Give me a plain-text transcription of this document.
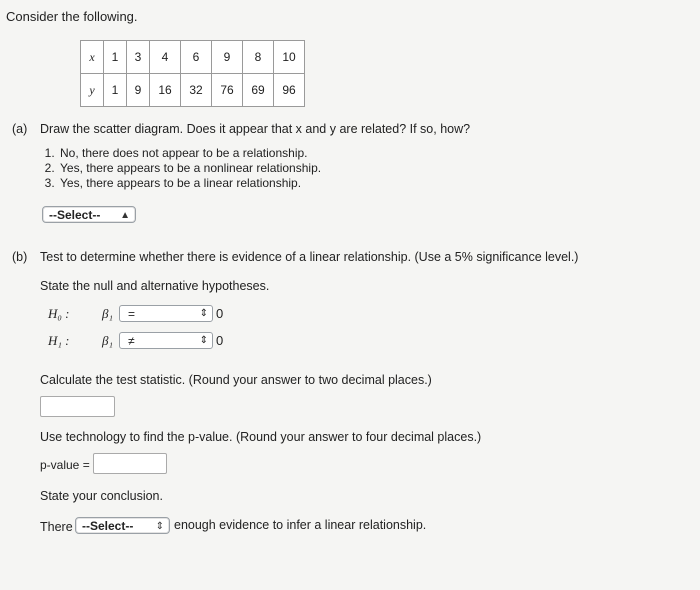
Consider the following.
x	1	3	4	6	9	8	10
y	1	9	16	32	76	69	96
(a) Draw the scatter diagram. Does it appear that x and y are related? If so, how?
1. No, there does not appear to be a relationship.
2. Yes, there appears to be a nonlinear relationship.
3. Yes, there appears to be a linear relationship.
--Select-- ▲︎
(b) Test to determine whether there is evidence of a linear relationship. (Use a 5% significance level.)
State the null and alternative hypotheses.
H₀ :	β₁	=	⇕ 0
H₁ :	β₁	≠	⇕ 0
Calculate the test statistic. (Round your answer to two decimal places.)
Use technology to find the p-value. (Round your answer to four decimal places.)
p-value =
State your conclusion.
There --Select-- ⇕ enough evidence to infer a linear relationship.
